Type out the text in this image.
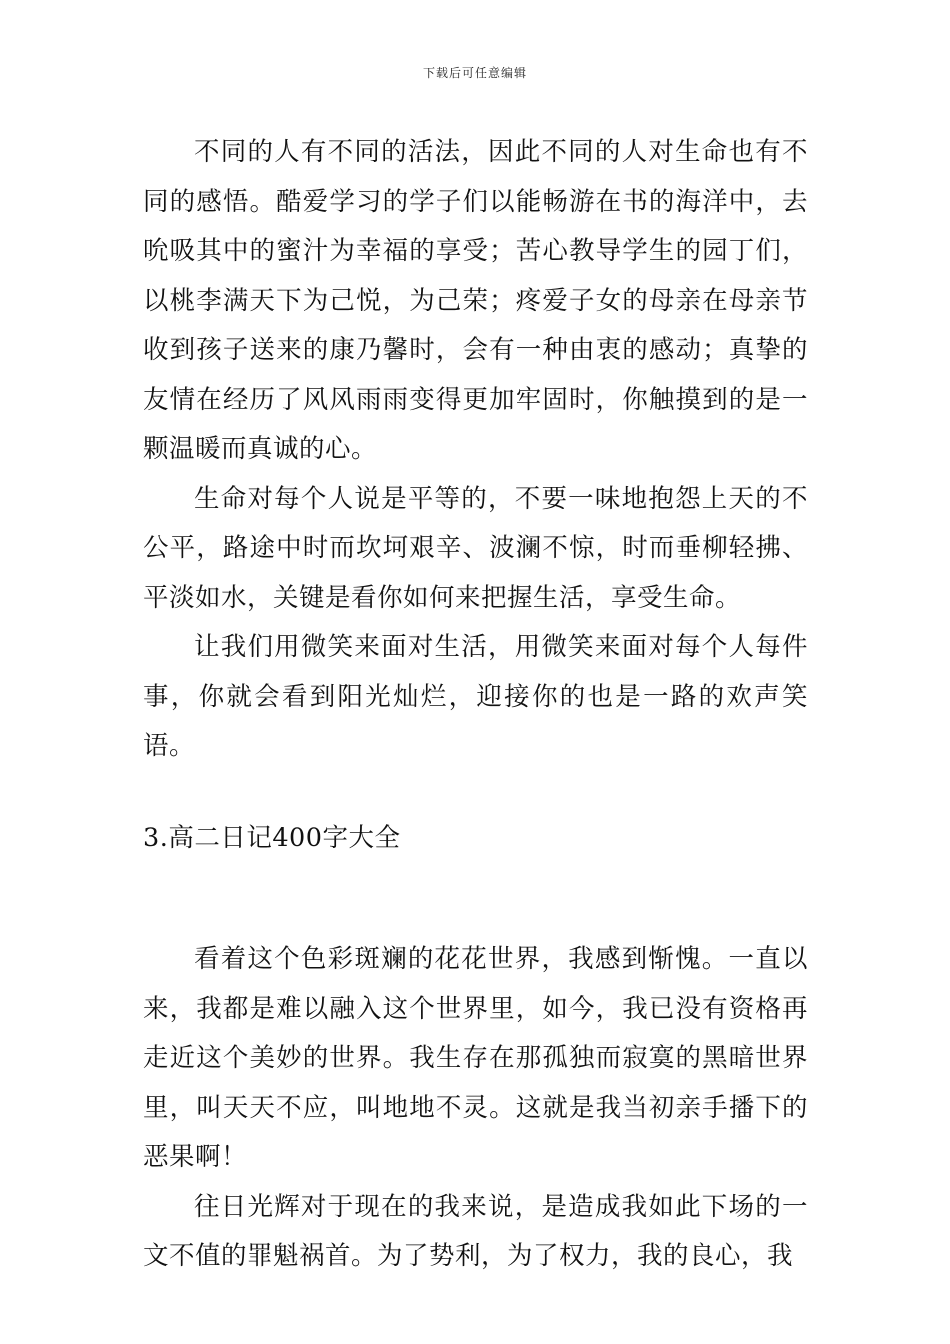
下载后可任意编辑

不同的人有不同的活法，因此不同的人对生命也有不同的感悟。酷爱学习的学子们以能畅游在书的海洋中，去吮吸其中的蜜汁为幸福的享受；苦心教导学生的园丁们，以桃李满天下为己悦，为己荣；疼爱子女的母亲在母亲节收到孩子送来的康乃馨时，会有一种由衷的感动；真挚的友情在经历了风风雨雨变得更加牢固时，你触摸到的是一颗温暖而真诚的心。

生命对每个人说是平等的，不要一味地抱怨上天的不公平，路途中时而坎坷艰辛、波澜不惊，时而垂柳轻拂、平淡如水，关键是看你如何来把握生活，享受生命。

让我们用微笑来面对生活，用微笑来面对每个人每件事，你就会看到阳光灿烂，迎接你的也是一路的欢声笑语。

3.高二日记400字大全

看着这个色彩斑斓的花花世界，我感到惭愧。一直以来，我都是难以融入这个世界里，如今，我已没有资格再走近这个美妙的世界。我生存在那孤独而寂寞的黑暗世界里，叫天天不应，叫地地不灵。这就是我当初亲手播下的恶果啊！

往日光辉对于现在的我来说，是造成我如此下场的一文不值的罪魁祸首。为了势利，为了权力，我的良心，我
